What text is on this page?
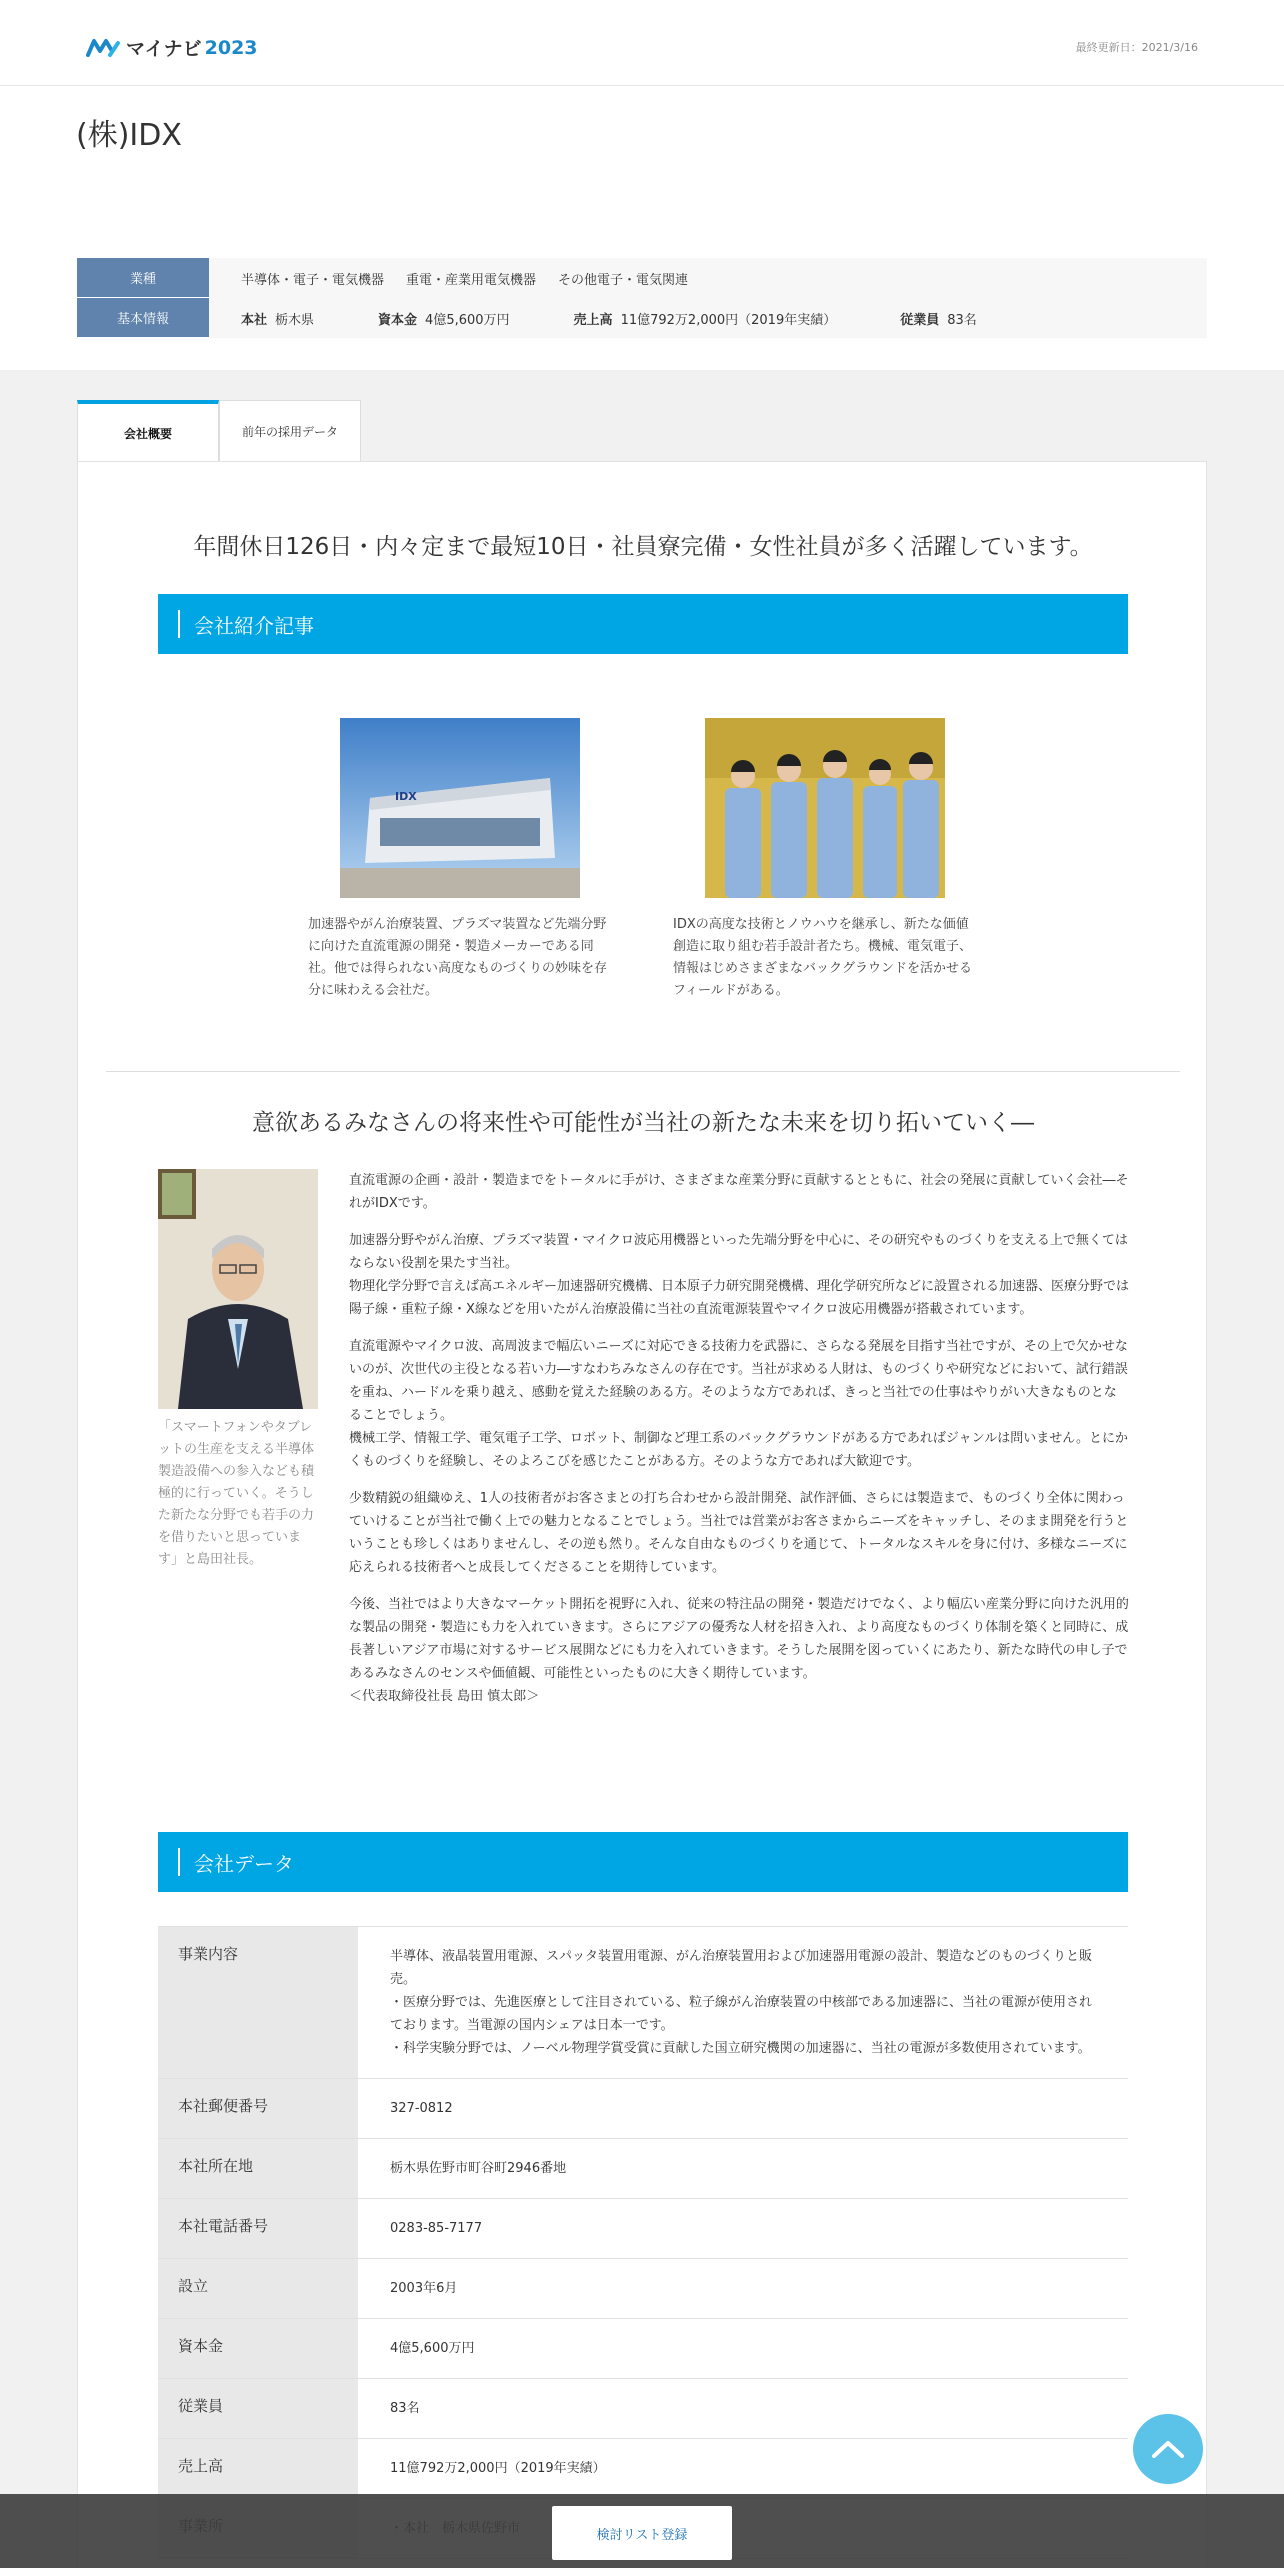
マイナビ 2023	最終更新日：2021/3/16
(株)IDX
業種	半導体・電子・電気機器 重電・産業用電気機器 その他電子・電気関連
基本情報	本社 栃木県	資本金 4億5,600万円	売上高 11億792万2,000円（2019年実績）	従業員 83名
会社概要	前年の採用データ
年間休日126日・内々定まで最短10日・社員寮完備・女性社員が多く活躍しています。
会社紹介記事
IDX
加速器やがん治療装置、プラズマ装置など先端分野に向けた直流電源の開発・製造メーカーである同社。他では得られない高度なものづくりの妙味を存分に味わえる会社だ。
IDXの高度な技術とノウハウを継承し、新たな価値創造に取り組む若手設計者たち。機械、電気電子、情報はじめさまざまなバックグラウンドを活かせるフィールドがある。
意欲あるみなさんの将来性や可能性が当社の新たな未来を切り拓いていく―
「スマートフォンやタブレットの生産を支える半導体製造設備への参入なども積極的に行っていく。そうした新たな分野でも若手の力を借りたいと思っています」と島田社長。

直流電源の企画・設計・製造までをトータルに手がけ、さまざまな産業分野に貢献するとともに、社会の発展に貢献していく会社―それがIDXです。

加速器分野やがん治療、プラズマ装置・マイクロ波応用機器といった先端分野を中心に、その研究やものづくりを支える上で無くてはならない役割を果たす当社。
物理化学分野で言えば高エネルギー加速器研究機構、日本原子力研究開発機構、理化学研究所などに設置される加速器、医療分野では陽子線・重粒子線・X線などを用いたがん治療設備に当社の直流電源装置やマイクロ波応用機器が搭載されています。

直流電源やマイクロ波、高周波まで幅広いニーズに対応できる技術力を武器に、さらなる発展を目指す当社ですが、その上で欠かせないのが、次世代の主役となる若い力―すなわちみなさんの存在です。当社が求める人財は、ものづくりや研究などにおいて、試行錯誤を重ね、ハードルを乗り越え、感動を覚えた経験のある方。そのような方であれば、きっと当社での仕事はやりがい大きなものとなることでしょう。
機械工学、情報工学、電気電子工学、ロボット、制御など理工系のバックグラウンドがある方であればジャンルは問いません。とにかくものづくりを経験し、そのよろこびを感じたことがある方。そのような方であれば大歓迎です。

少数精鋭の組織ゆえ、1人の技術者がお客さまとの打ち合わせから設計開発、試作評価、さらには製造まで、ものづくり全体に関わっていけることが当社で働く上での魅力となることでしょう。当社では営業がお客さまからニーズをキャッチし、そのまま開発を行うということも珍しくはありませんし、その逆も然り。そんな自由なものづくりを通じて、トータルなスキルを身に付け、多様なニーズに応えられる技術者へと成長してくださることを期待しています。

今後、当社ではより大きなマーケット開拓を視野に入れ、従来の特注品の開発・製造だけでなく、より幅広い産業分野に向けた汎用的な製品の開発・製造にも力を入れていきます。さらにアジアの優秀な人材を招き入れ、より高度なものづくり体制を築くと同時に、成長著しいアジア市場に対するサービス展開などにも力を入れていきます。そうした展開を図っていくにあたり、新たな時代の申し子であるみなさんのセンスや価値観、可能性といったものに大きく期待しています。
＜代表取締役社長 島田 慎太郎＞

会社データ
事業内容	半導体、液晶装置用電源、スパッタ装置用電源、がん治療装置用および加速器用電源の設計、製造などのものづくりと販売。
・医療分野では、先進医療として注目されている、粒子線がん治療装置の中核部である加速器に、当社の電源が使用されております。当電源の国内シェアは日本一です。
・科学実験分野では、ノーベル物理学賞受賞に貢献した国立研究機関の加速器に、当社の電源が多数使用されています。
本社郵便番号	327-0812
本社所在地	栃木県佐野市町谷町2946番地
本社電話番号	0283-85-7177
設立	2003年6月
資本金	4億5,600万円
従業員	83名
売上高	11億792万2,000円（2019年実績）
検討リスト登録
